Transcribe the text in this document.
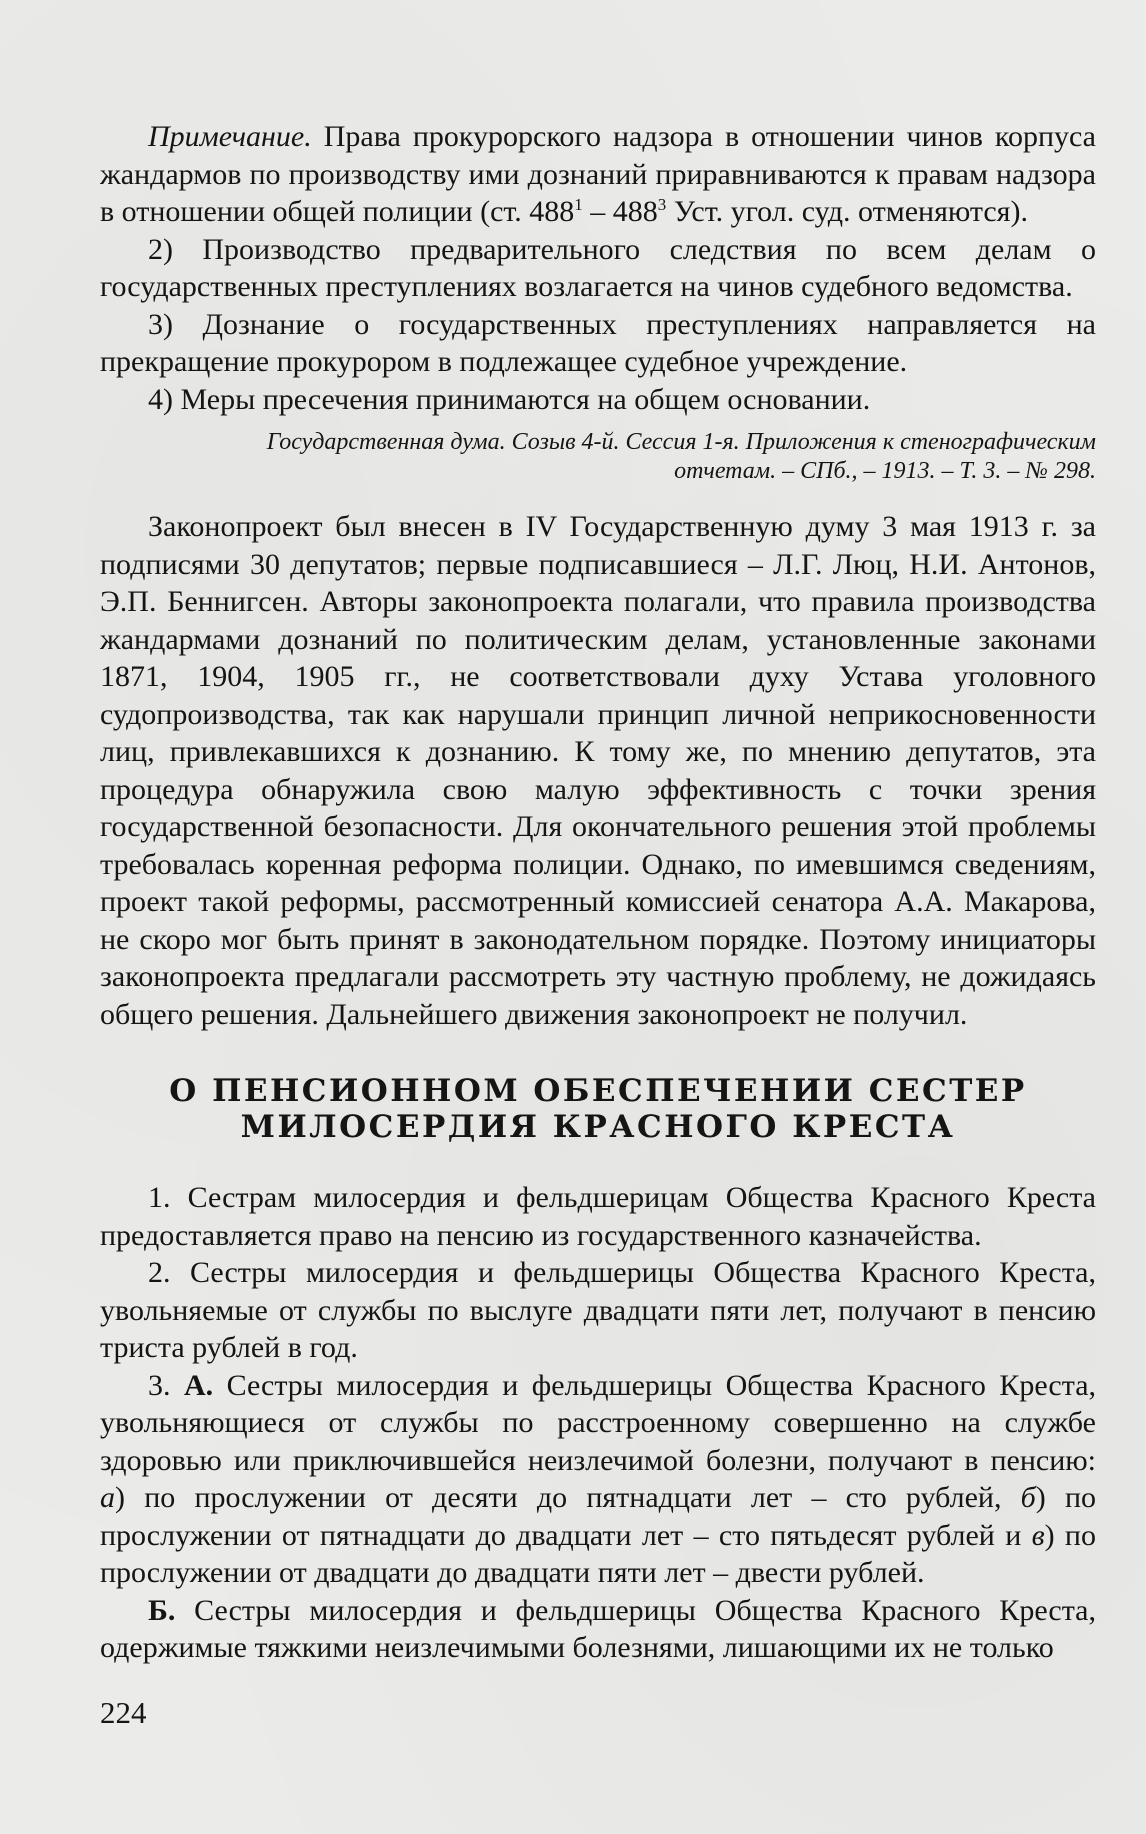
Примечание. Права прокурорского надзора в отношении чинов корпуса жандармов по производству ими дознаний приравниваются к правам надзора в отношении общей полиции (ст. $488^1 - 488^3$ Уст. угол. суд. отменяются).

2) Производство предварительного следствия по всем делам о государственных преступлениях возлагается на чинов судебного ведомства.

3) Дознание о государственных преступлениях направляется на прекращение прокурором в подлежащее судебное учреждение.

4) Меры пресечения принимаются на общем основании.

Государственная дума. Созыв 4-й. Сессия 1-я. Приложения к стенографическим
отчетам. – СПб., – 1913. – Т. 3. – № 298.

Законопроект был внесен в IV Государственную думу 3 мая 1913 г. за подписями 30 депутатов; первые подписавшиеся – Л.Г. Люц, Н.И. Антонов, Э.П. Беннигсен. Авторы законопроекта полагали, что правила производства жандармами дознаний по политическим делам, установленные законами 1871, 1904, 1905 гг., не соответствовали духу Устава уголовного судопроизводства, так как нарушали принцип личной неприкосновенности лиц, привлекавшихся к дознанию. К тому же, по мнению депутатов, эта процедура обнаружила свою малую эффективность с точки зрения государственной безопасности. Для окончательного решения этой проблемы требовалась коренная реформа полиции. Однако, по имевшимся сведениям, проект такой реформы, рассмотренный комиссией сенатора А.А. Макарова, не скоро мог быть принят в законодательном порядке. Поэтому инициаторы законопроекта предлагали рассмотреть эту частную проблему, не дожидаясь общего решения. Дальнейшего движения законопроект не получил.

О ПЕНСИОННОМ ОБЕСПЕЧЕНИИ СЕСТЕР
МИЛОСЕРДИЯ КРАСНОГО КРЕСТА

1. Сестрам милосердия и фельдшерицам Общества Красного Креста предоставляется право на пенсию из государственного казначейства.

2. Сестры милосердия и фельдшерицы Общества Красного Креста, увольняемые от службы по выслуге двадцати пяти лет, получают в пенсию триста рублей в год.

3. А. Сестры милосердия и фельдшерицы Общества Красного Креста, увольняющиеся от службы по расстроенному совершенно на службе здоровью или приключившейся неизлечимой болезни, получают в пенсию: а) по прослужении от десяти до пятнадцати лет – сто рублей, б) по прослужении от пятнадцати до двадцати лет – сто пятьдесят рублей и в) по прослужении от двадцати до двадцати пяти лет – двести рублей.

Б. Сестры милосердия и фельдшерицы Общества Красного Креста, одержимые тяжкими неизлечимыми болезнями, лишающими их не только

224
